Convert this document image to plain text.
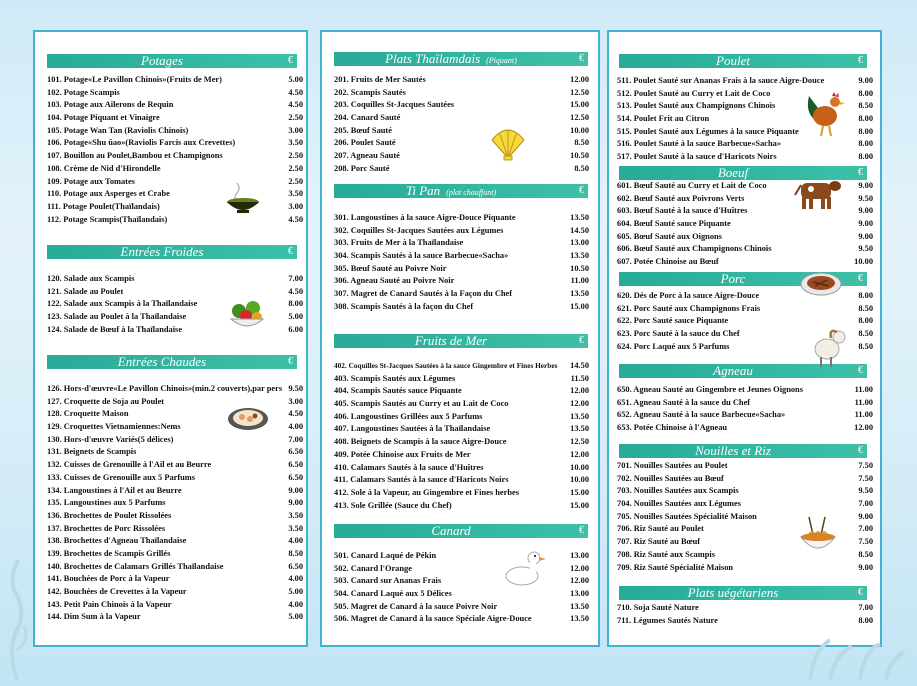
Potages	€
101. Potage«Le Pavillon Chinois»(Fruits de Mer)	5.00
102. Potage Scampis	4.50
103. Potage aux Ailerons de Requin	4.50
104. Potage Piquant et Vinaigre	2.50
105. Potage Wan Tan (Raviolis Chinois)	3.00
106. Potage«Shu ûao»(Raviolis Farcis aux Crevettes)	3.50
107. Bouillon au Poulet,Bambou et Champignons	2.50
108. Crème de Nid d'Hirondelle	2.50
109. Potage aux Tomates	2.50
110. Potage aux Asperges et Crabe	3.50
111. Potage Poulet(Thaïlandais)	3.00
112. Potage Scampis(Thaïlandais)	4.50
Entrées Froides	€
120. Salade aux Scampis	7.00
121. Salade au Poulet	4.50
122. Salade aux Scampis à la Thaïlandaise	8.00
123. Salade au Poulet à la Thaïlandaise	5.00
124. Salade de Bœuf à la Thaïlandaise	6.00
Entrées Chaudes	€
126. Hors-d'œuvre«Le Pavillon Chinois»(min.2 couverts),par pers 9.50
127. Croquette de Soja au Poulet	3.00
128. Croquette Maison	4.50
129. Croquettes Vietnamiennes:Nems	4.00
130. Hors-d'œuvre Variés(5 délices)	7.00
131. Beignets de Scampis	6.50
132. Cuisses de Grenouille à l'Ail et au Beurre	6.50
133. Cuisses de Grenouille aux 5 Parfums	6.50
134. Langoustines à l'Ail et au Beurre	9.00
135. Langoustines aux 5 Parfums	9.00
136. Brochettes de Poulet Rissolées	3.50
137. Brochettes de Porc Rissolées	3.50
138. Brochettes d'Agneau Thaïlandaise	4.00
139. Brochettes de Scampis Grillés	8.50
140. Brochettes de Calamars Grillés Thaïlandaise	6.50
141. Bouchées de Porc à la Vapeur	4.00
142. Bouchées de Crevettes à la Vapeur	5.00
143. Petit Pain Chinois à la Vapeur	4.00
144. Dim Sum à la Vapeur	5.00
Plats Thaïlamdais (Piquant)	€
201. Fruits de Mer Sautés	12.00
202. Scampis Sautés	12.50
203. Coquilles St-Jacques Sautées	15.00
204. Canard Sauté	12.50
205. Bœuf Sauté	10.00
206. Poulet Sauté	8.50
207. Agneau Sauté	10.50
208. Porc Sauté	8.50
Ti Pan (plat chauffant)	€
301. Langoustines à la sauce Aigre-Douce Piquante	13.50
302. Coquilles St-Jacques Sautées aux Légumes	14.50
303. Fruits de Mer à la Thaïlandaise	13.00
304. Scampis Sautés à la sauce Barbecue«Sacha»	13.50
305. Bœuf Sauté au Poivre Noir	10.50
306. Agneau Sauté au Poivre Noir	11.00
307. Magret de Canard Sautés à la Façon du Chef	13.50
308. Scampis Sautés à la façon du Chef	15.00
Fruits de Mer	€
402. Coquilles St-Jacques Sautées à la sauce Gingembre et Fines Herbes 14.50
403. Scampis Sautés aux Légumes	11.50
404. Scampis Sautés sauce Piquante	12.00
405. Scampis Sautés au Curry et au Lait de Coco	12.00
406. Langoustines Grillées aux 5 Parfums	13.50
407. Langoustines Sautées à la Thaïlandaise	13.50
408. Beignets de Scampis à la sauce Aigre-Douce	12.50
409. Potée Chinoise aux Fruits de Mer	12.00
410. Calamars Sautés à la sauce d'Huîtres	10.00
411. Calamars Sautés à la sauce d'Haricots Noirs	10.00
412. Sole à la Vapeur, au Gingembre et Fines herbes	15.00
413. Sole Grillée (Sauce du Chef)	15.00
Canard	€
501. Canard Laqué de Pékin	13.00
502. Canard l'Orange	12.00
503. Canard sur Ananas Frais	12.00
504. Canard Laqué aux 5 Délices	13.00
505. Magret de Canard à la sauce Poivre Noir	13.50
506. Magret de Canard à la sauce Spéciale Aigre-Douce	13.50
Poulet	€
511. Poulet Sauté sur Ananas Frais à la sauce Aigre-Douce	9.00
512. Poulet Sauté au Curry et Lait de Coco	8.00
513. Poulet Sauté aux Champignons Chinois	8.50
514. Poulet Frit au Citron	8.00
515. Poulet Sauté aux Légumes à la sauce Piquante	8.00
516. Poulet Sauté à la sauce Barbecue«Sacha»	8.00
517. Poulet Sauté à la sauce d'Haricots Noirs	8.00
Boeuf	€
601. Bœuf Sauté au Curry et Lait de Coco	9.00
602. Bœuf Sauté aux Poivrons Verts	9.50
603. Bœuf Sauté à la sauce d'Huîtres	9.00
604. Bœuf Sauté sauce Piquante	9.00
605. Bœuf Sauté aux Oignons	9.00
606. Bœuf Sauté aux Champignons Chinois	9.50
607. Potée Chinoise au Bœuf	10.00
Porc	€
620. Dés de Porc à la sauce Aigre-Douce	8.00
621. Porc Sauté aux Champignons Frais	8.50
622. Porc Sauté sauce Piquante	8.00
623. Porc Sauté à la sauce du Chef	8.50
624. Porc Laqué aux 5 Parfums	8.50
Agneau	€
650. Agneau Sauté au Gingembre et Jeunes Oignons	11.00
651. Agneau Sauté à la sauce du Chef	11.00
652. Agneau Sauté à la sauce Barbecue«Sacha»	11.00
653. Potée Chinoise à l'Agneau	12.00
Nouilles et Riz	€
701. Nouilles Sautées au Poulet	7.50
702. Nouilles Sautées au Bœuf	7.50
703. Nouilles Sautées aux Scampis	9.50
704. Nouilles Sautées aux Légumes	7.00
705. Nouilles Sautées Spécialité Maison	9.00
706. Riz Sauté au Poulet	7.00
707. Riz Sauté au Bœuf	7.50
708. Riz Sauté aux Scampis	8.50
709. Riz Sauté Spécialité Maison	9.00
Plats uégétariens	€
710. Soja Sauté Nature	7.00
711. Légumes Sautés Nature	8.00
